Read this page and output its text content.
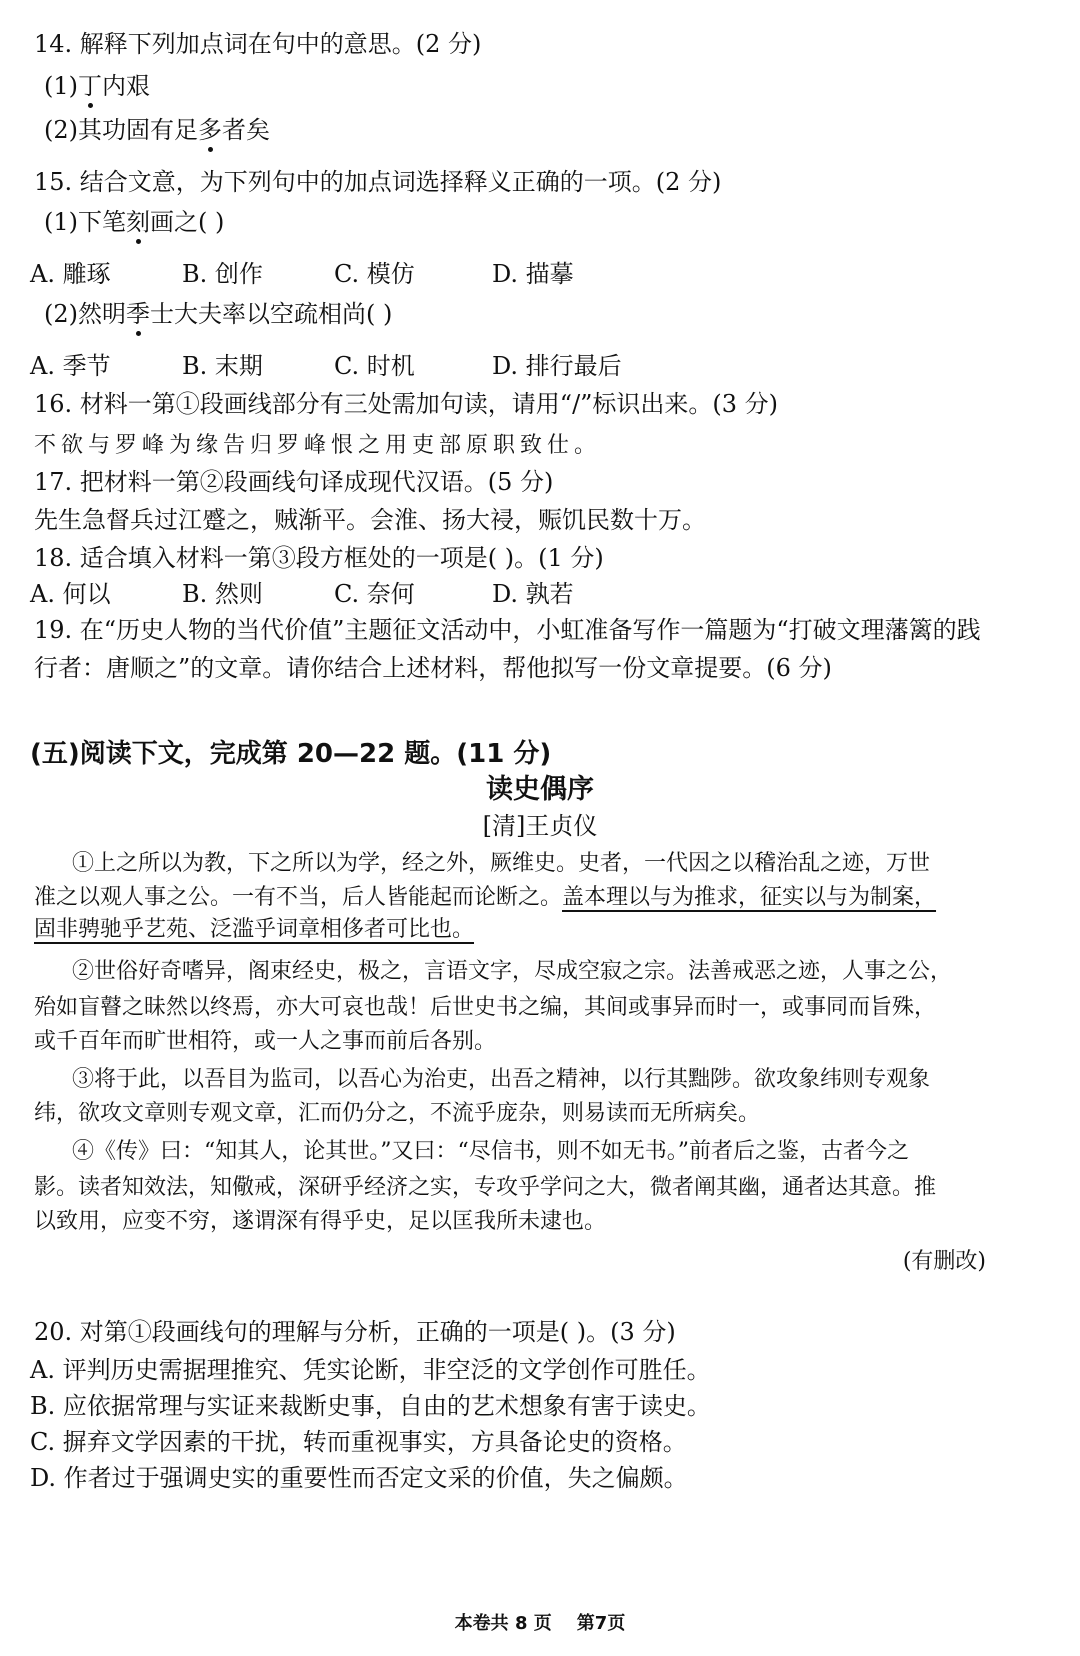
14. 解释下列加点词在句中的意思。(2 分)
(1)丁内艰
(2)其功固有足多者矣
15. 结合文意，为下列句中的加点词选择释义正确的一项。(2 分)
(1)下笔刻画之( )
A. 雕琢	B. 创作	C. 模仿	D. 描摹
(2)然明季士大夫率以空疏相尚( )
A. 季节	B. 末期	C. 时机	D. 排行最后
16. 材料一第①段画线部分有三处需加句读，请用“/”标识出来。(3 分)
不欲与罗峰为缘告归罗峰恨之用吏部原职致仕。
17. 把材料一第②段画线句译成现代汉语。(5 分)
先生急督兵过江蹙之，贼渐平。会淮、扬大祲，赈饥民数十万。
18. 适合填入材料一第③段方框处的一项是( )。(1 分)
A. 何以	B. 然则	C. 奈何	D. 孰若
19. 在“历史人物的当代价值”主题征文活动中，小虹准备写作一篇题为“打破文理藩篱的践
行者：唐顺之”的文章。请你结合上述材料，帮他拟写一份文章提要。(6 分)
(五)阅读下文，完成第 20—22 题。(11 分)
读史偶序
[清]王贞仪
①上之所以为教，下之所以为学，经之外，厥维史。史者，一代因之以稽治乱之迹，万世
准之以观人事之公。一有不当，后人皆能起而论断之。盖本理以与为推求，征实以与为制案，
固非骋驰乎艺苑、泛滥乎词章相侈者可比也。
②世俗好奇嗜异，阁束经史，极之，言语文字，尽成空寂之宗。法善戒恶之迹，人事之公，
殆如盲瞽之昧然以终焉，亦大可哀也哉！后世史书之编，其间或事异而时一，或事同而旨殊，
或千百年而旷世相符，或一人之事而前后各别。
③将于此，以吾目为监司，以吾心为治吏，出吾之精神，以行其黜陟。欲攻象纬则专观象
纬，欲攻文章则专观文章，汇而仍分之，不流乎庞杂，则易读而无所病矣。
④《传》曰：“知其人，论其世。”又曰：“尽信书，则不如无书。”前者后之鉴，古者今之
影。读者知效法，知儆戒，深研乎经济之实，专攻乎学问之大，微者阐其幽，通者达其意。推
以致用，应变不穷，遂谓深有得乎史，足以匡我所未逮也。
(有删改)
20. 对第①段画线句的理解与分析，正确的一项是( )。(3 分)
A. 评判历史需据理推究、凭实论断，非空泛的文学创作可胜任。
B. 应依据常理与实证来裁断史事，自由的艺术想象有害于读史。
C. 摒弃文学因素的干扰，转而重视事实，方具备论史的资格。
D. 作者过于强调史实的重要性而否定文采的价值，失之偏颇。
本卷共 8 页    第7页
